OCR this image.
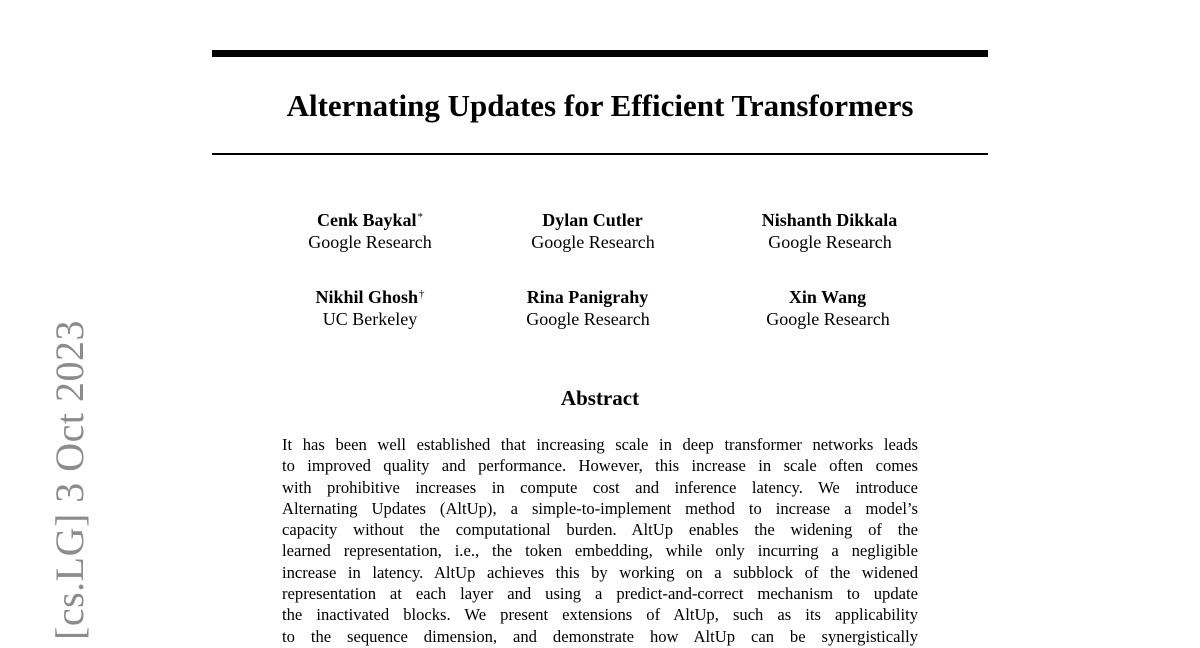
[cs.LG] 3 Oct 2023
Alternating Updates for Efficient Transformers
Cenk Baykal*
Google Research
Dylan Cutler
Google Research
Nishanth Dikkala
Google Research
Nikhil Ghosh†
UC Berkeley
Rina Panigrahy
Google Research
Xin Wang
Google Research
Abstract
It has been well established that increasing scale in deep transformer networks leads
to improved quality and performance. However, this increase in scale often comes
with prohibitive increases in compute cost and inference latency. We introduce
Alternating Updates (AltUp), a simple-to-implement method to increase a model’s
capacity without the computational burden. AltUp enables the widening of the
learned representation, i.e., the token embedding, while only incurring a negligible
increase in latency. AltUp achieves this by working on a subblock of the widened
representation at each layer and using a predict-and-correct mechanism to update
the inactivated blocks. We present extensions of AltUp, such as its applicability
to the sequence dimension, and demonstrate how AltUp can be synergistically
